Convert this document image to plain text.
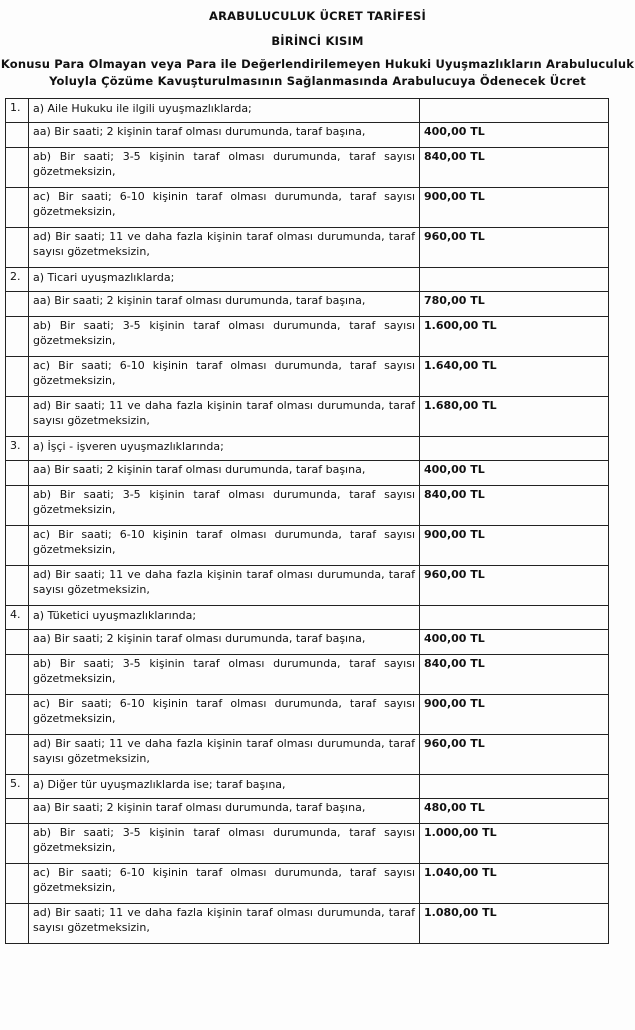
ARABULUCULUK ÜCRET TARİFESİ
BİRİNCİ KISIM
Konusu Para Olmayan veya Para ile Değerlendirilemeyen Hukuki Uyuşmazlıkların Arabuluculuk
Yoluyla Çözüme Kavuşturulmasının Sağlanmasında Arabulucuya Ödenecek Ücret
1.	a) Aile Hukuku ile ilgili uyuşmazlıklarda;	
	aa) Bir saati; 2 kişinin taraf olması durumunda, taraf başına,	400,00 TL
	ab) Bir saati; 3-5 kişinin taraf olması durumunda, taraf sayısı gözetmeksizin,	840,00 TL
	ac) Bir saati; 6-10 kişinin taraf olması durumunda, taraf sayısı gözetmeksizin,	900,00 TL
	ad) Bir saati; 11 ve daha fazla kişinin taraf olması durumunda, taraf sayısı gözetmeksizin,	960,00 TL
2.	a) Ticari uyuşmazlıklarda;	
	aa) Bir saati; 2 kişinin taraf olması durumunda, taraf başına,	780,00 TL
	ab) Bir saati; 3-5 kişinin taraf olması durumunda, taraf sayısı gözetmeksizin,	1.600,00 TL
	ac) Bir saati; 6-10 kişinin taraf olması durumunda, taraf sayısı gözetmeksizin,	1.640,00 TL
	ad) Bir saati; 11 ve daha fazla kişinin taraf olması durumunda, taraf sayısı gözetmeksizin,	1.680,00 TL
3.	a) İşçi - işveren uyuşmazlıklarında;	
	aa) Bir saati; 2 kişinin taraf olması durumunda, taraf başına,	400,00 TL
	ab) Bir saati; 3-5 kişinin taraf olması durumunda, taraf sayısı gözetmeksizin,	840,00 TL
	ac) Bir saati; 6-10 kişinin taraf olması durumunda, taraf sayısı gözetmeksizin,	900,00 TL
	ad) Bir saati; 11 ve daha fazla kişinin taraf olması durumunda, taraf sayısı gözetmeksizin,	960,00 TL
4.	a) Tüketici uyuşmazlıklarında;	
	aa) Bir saati; 2 kişinin taraf olması durumunda, taraf başına,	400,00 TL
	ab) Bir saati; 3-5 kişinin taraf olması durumunda, taraf sayısı gözetmeksizin,	840,00 TL
	ac) Bir saati; 6-10 kişinin taraf olması durumunda, taraf sayısı gözetmeksizin,	900,00 TL
	ad) Bir saati; 11 ve daha fazla kişinin taraf olması durumunda, taraf sayısı gözetmeksizin,	960,00 TL
5.	a) Diğer tür uyuşmazlıklarda ise; taraf başına,	
	aa) Bir saati; 2 kişinin taraf olması durumunda, taraf başına,	480,00 TL
	ab) Bir saati; 3-5 kişinin taraf olması durumunda, taraf sayısı gözetmeksizin,	1.000,00 TL
	ac) Bir saati; 6-10 kişinin taraf olması durumunda, taraf sayısı gözetmeksizin,	1.040,00 TL
	ad) Bir saati; 11 ve daha fazla kişinin taraf olması durumunda, taraf sayısı gözetmeksizin,	1.080,00 TL
